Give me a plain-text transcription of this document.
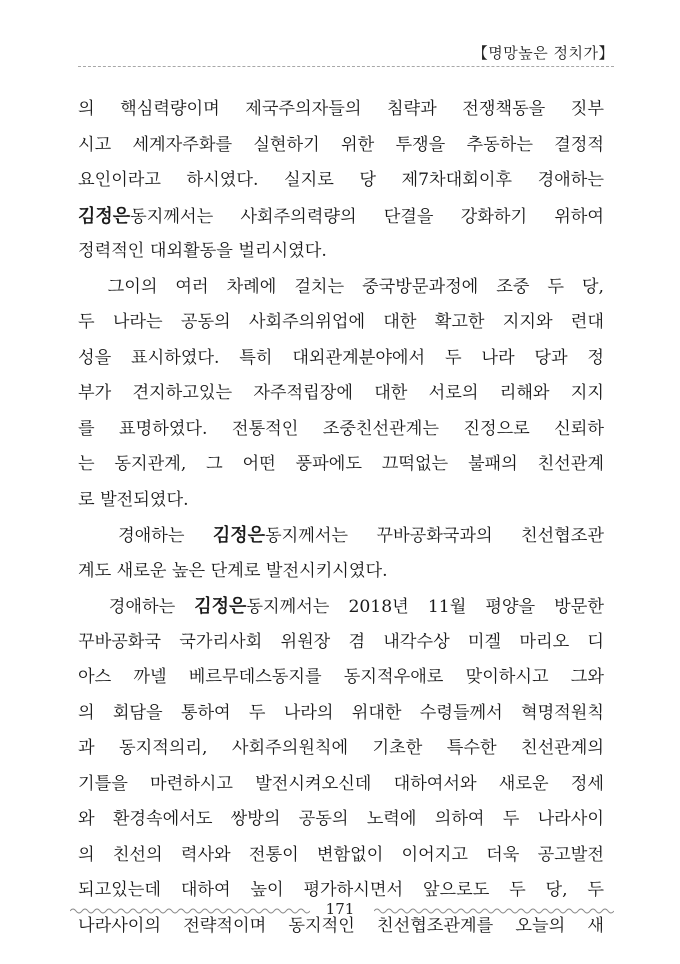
【명망높은 정치가】
의 핵심력량이며 제국주의자들의 침략과 전쟁책동을 짓부
시고 세계자주화를 실현하기 위한 투쟁을 추동하는 결정적
요인이라고 하시였다. 실지로 당 제7차대회이후 경애하는
김정은동지께서는 사회주의력량의 단결을 강화하기 위하여
정력적인 대외활동을 벌리시였다.
　그이의 여러 차례에 걸치는 중국방문과정에 조중 두 당,
두 나라는 공동의 사회주의위업에 대한 확고한 지지와 련대
성을 표시하였다. 특히 대외관계분야에서 두 나라 당과 정
부가 견지하고있는 자주적립장에 대한 서로의 리해와 지지
를 표명하였다. 전통적인 조중친선관계는 진정으로 신뢰하
는 동지관계, 그 어떤 풍파에도 끄떡없는 불패의 친선관계
로 발전되였다.
　경애하는 김정은동지께서는 꾸바공화국과의 친선협조관
계도 새로운 높은 단계로 발전시키시였다.
　경애하는 김정은동지께서는 2018년 11월 평양을 방문한
꾸바공화국 국가리사회 위원장 겸 내각수상 미겔 마리오 디
아스 까넬 베르무데스동지를 동지적우애로 맞이하시고 그와
의 회담을 통하여 두 나라의 위대한 수령들께서 혁명적원칙
과 동지적의리, 사회주의원칙에 기초한 특수한 친선관계의
기틀을 마련하시고 발전시켜오신데 대하여서와 새로운 정세
와 환경속에서도 쌍방의 공동의 노력에 의하여 두 나라사이
의 친선의 력사와 전통이 변함없이 이어지고 더욱 공고발전
되고있는데 대하여 높이 평가하시면서 앞으로도 두 당, 두
나라사이의 전략적이며 동지적인 친선협조관계를 오늘의 새
171
